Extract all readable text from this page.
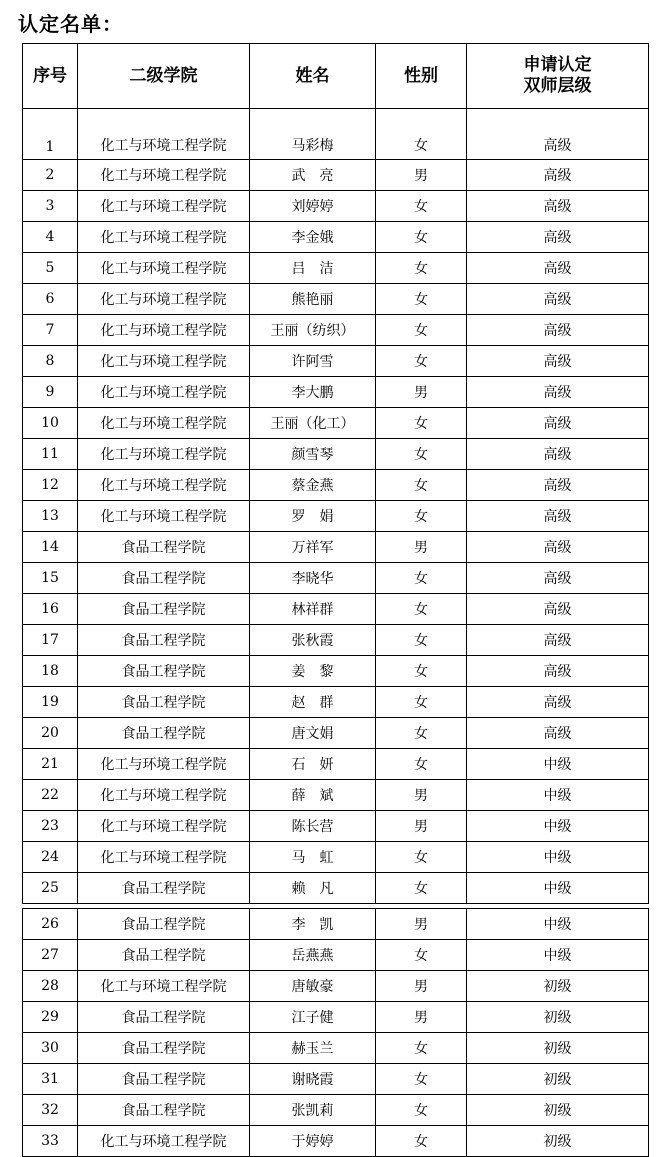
认定名单：
序号	二级学院	姓名	性别	申请认定
双师层级
1	化工与环境工程学院	马彩梅	女	高级
2	化工与环境工程学院	武　亮	男	高级
3	化工与环境工程学院	刘婷婷	女	高级
4	化工与环境工程学院	李金娥	女	高级
5	化工与环境工程学院	吕　洁	女	高级
6	化工与环境工程学院	熊艳丽	女	高级
7	化工与环境工程学院	王丽（纺织）	女	高级
8	化工与环境工程学院	许阿雪	女	高级
9	化工与环境工程学院	李大鹏	男	高级
10	化工与环境工程学院	王丽（化工）	女	高级
11	化工与环境工程学院	颜雪琴	女	高级
12	化工与环境工程学院	蔡金燕	女	高级
13	化工与环境工程学院	罗　娟	女	高级
14	食品工程学院	万祥军	男	高级
15	食品工程学院	李晓华	女	高级
16	食品工程学院	林祥群	女	高级
17	食品工程学院	张秋霞	女	高级
18	食品工程学院	姜　黎	女	高级
19	食品工程学院	赵　群	女	高级
20	食品工程学院	唐文娟	女	高级
21	化工与环境工程学院	石　妍	女	中级
22	化工与环境工程学院	薛　斌	男	中级
23	化工与环境工程学院	陈长营	男	中级
24	化工与环境工程学院	马　虹	女	中级
25	食品工程学院	赖　凡	女	中级

26	食品工程学院	李　凯	男	中级
27	食品工程学院	岳燕燕	女	中级
28	化工与环境工程学院	唐敏豪	男	初级
29	食品工程学院	江子健	男	初级
30	食品工程学院	赫玉兰	女	初级
31	食品工程学院	谢晓霞	女	初级
32	食品工程学院	张凯莉	女	初级
33	化工与环境工程学院	于婷婷	女	初级
